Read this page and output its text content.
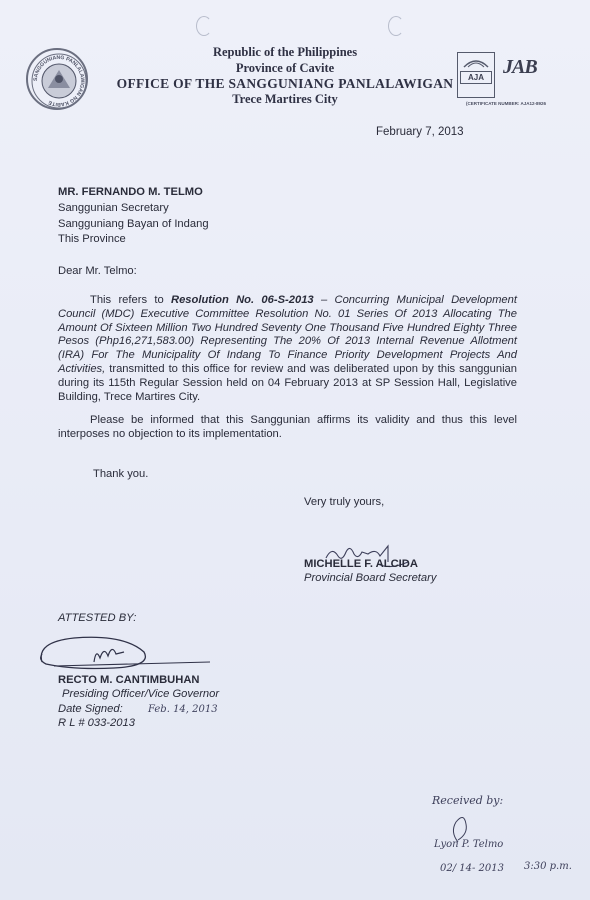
SANGGUNIANG PANLALAWIGAN NG KABITE
Republic of the Philippines
Province of Cavite
OFFICE OF THE SANGGUNIANG PANLALAWIGAN
Trece Martires City
AJA JAB
(CERTIFICATE NUMBER: AJA12-8926
February 7, 2013
MR. FERNANDO M. TELMO
Sanggunian Secretary
Sangguniang Bayan of Indang
This Province
Dear Mr. Telmo:
This refers to Resolution No. 06-S-2013 – Concurring Municipal Development Council (MDC) Executive Committee Resolution No. 01 Series Of 2013 Allocating The Amount Of Sixteen Million Two Hundred Seventy One Thousand Five Hundred Eighty Three Pesos (Php16,271,583.00) Representing The 20% Of 2013 Internal Revenue Allotment (IRA) For The Municipality Of Indang To Finance Priority Development Projects And Activities, transmitted to this office for review and was deliberated upon by this sanggunian during its 115th Regular Session held on 04 February 2013 at SP Session Hall, Legislative Building, Trece Martires City.
Please be informed that this Sanggunian affirms its validity and thus this level interposes no objection to its implementation.
Thank you.
Very truly yours,
MICHELLE F. ALCIDA
Provincial Board Secretary
ATTESTED BY:
RECTO M. CANTIMBUHAN
Presiding Officer/Vice Governor
Date Signed:	Feb. 14, 2013
R L # 033-2013
Received by:
Lyon P. Telmo
02/ 14- 2013 3:30 p.m.
